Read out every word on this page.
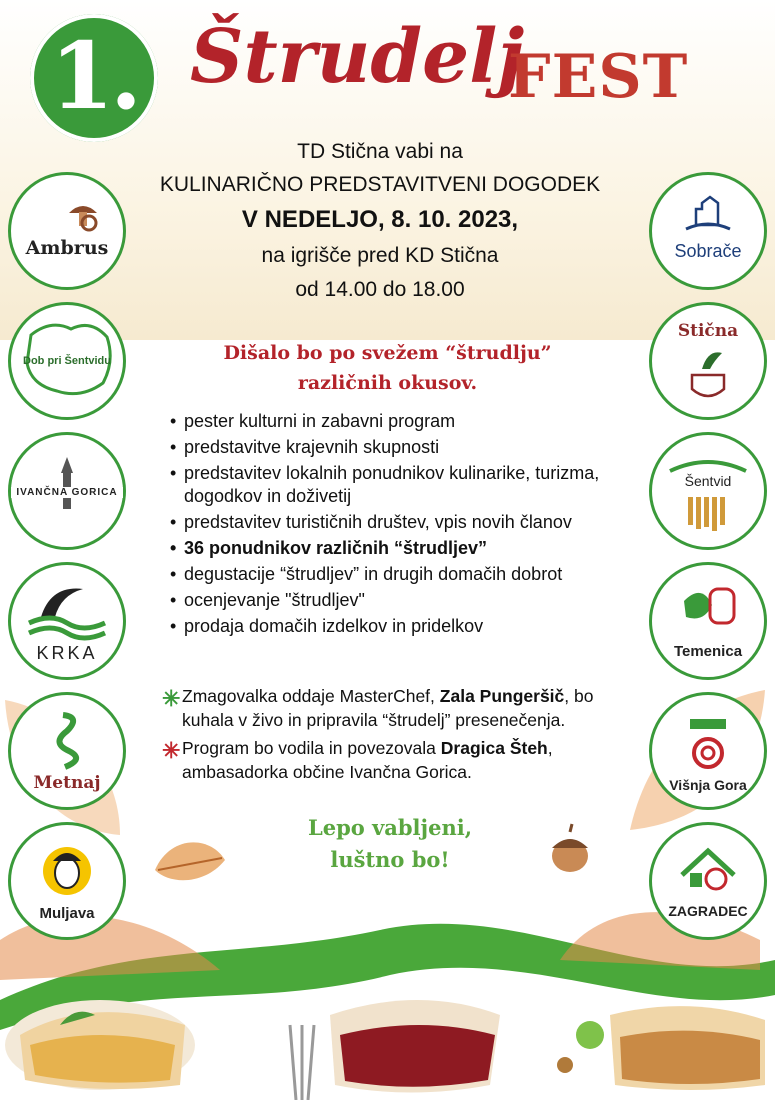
1. Štrudelj
FEST
TD Stična vabi na
KULINARIČNO PREDSTAVITVENI DOGODEK
V NEDELJO, 8. 10. 2023,
na igrišče pred KD Stična
od 14.00 do 18.00
Ambrus
Dob pri Šentvidu
IVANČNA GORICA
KRKA
Metnaj
Muljava
Sobrače
Stična
Šentvid
Temenica
Višnja Gora
ZAGRADEC
Dišalo bo po svežem “štrudlju”
različnih okusov.
• pester kulturni in zabavni program
• predstavitve krajevnih skupnosti
• predstavitev lokalnih ponudnikov kulinarike, turizma, dogodkov in doživetij
• predstavitev turističnih društev, vpis novih članov
• 36 ponudnikov različnih “štrudljev”
• degustacije “štrudljev” in drugih domačih dobrot
• ocenjevanje "štrudljev"
• prodaja domačih izdelkov in pridelkov
✳ Zmagovalka oddaje MasterChef, Zala Pungeršič, bo kuhala v živo in pripravila “štrudelj” presenečenja.
✳ Program bo vodila in povezovala Dragica Šteh, ambasadorka občine Ivančna Gorica.
Lepo vabljeni,
luštno bo!
